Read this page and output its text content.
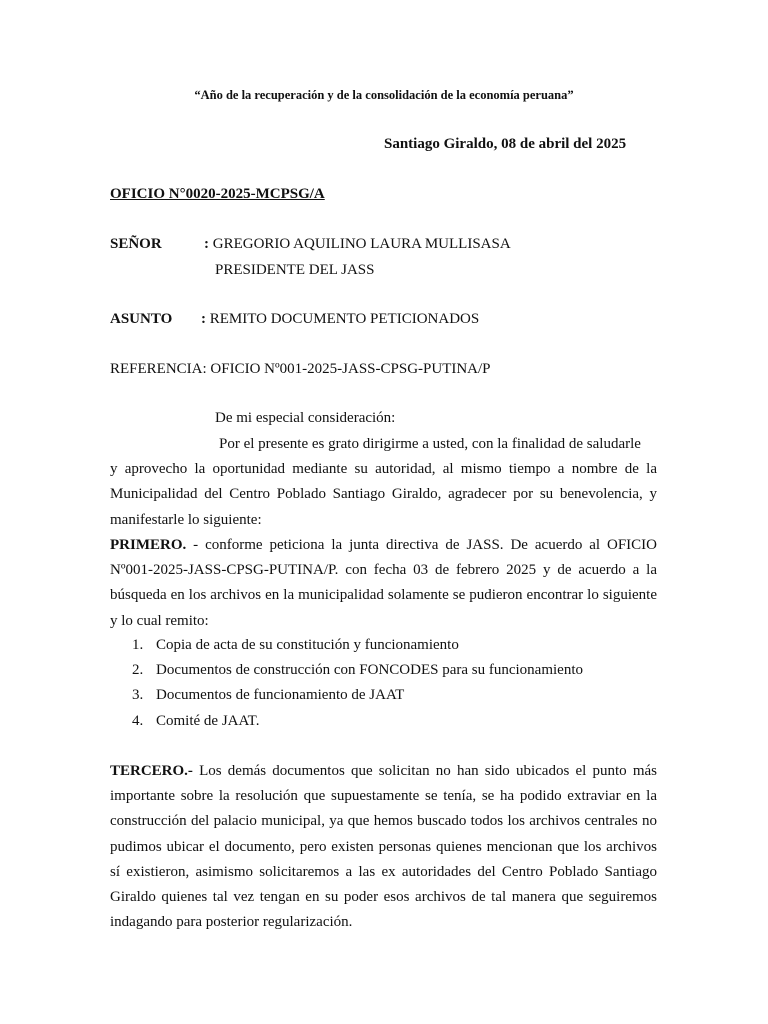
“Año de la recuperación y de la consolidación de la economía peruana”
Santiago Giraldo, 08 de abril del 2025
OFICIO N°0020-2025-MCPSG/A
SEÑOR	: GREGORIO AQUILINO LAURA MULLISASA
PRESIDENTE DEL JASS
ASUNTO : REMITO DOCUMENTO PETICIONADOS
REFERENCIA: OFICIO Nº001-2025-JASS-CPSG-PUTINA/P
De mi especial consideración:
Por el presente es grato dirigirme a usted, con la finalidad de saludarle
y aprovecho la oportunidad mediante su autoridad, al mismo tiempo a nombre de la Municipalidad del Centro Poblado Santiago Giraldo, agradecer por su benevolencia, y manifestarle lo siguiente:
PRIMERO. - conforme peticiona la junta directiva de JASS. De acuerdo al OFICIO Nº001-2025-JASS-CPSG-PUTINA/P. con fecha 03 de febrero 2025 y de acuerdo a la búsqueda en los archivos en la municipalidad solamente se pudieron encontrar lo siguiente y lo cual remito:
1. Copia de acta de su constitución y funcionamiento
2. Documentos de construcción con FONCODES para su funcionamiento
3. Documentos de funcionamiento de JAAT
4. Comité de JAAT.
TERCERO.- Los demás documentos que solicitan no han sido ubicados el punto más importante sobre la resolución que supuestamente se tenía, se ha podido extraviar en la construcción del palacio municipal, ya que hemos buscado todos los archivos centrales no pudimos ubicar el documento, pero existen personas quienes mencionan que los archivos sí existieron, asimismo solicitaremos a las ex autoridades del Centro Poblado Santiago Giraldo quienes tal vez tengan en su poder esos archivos de tal manera que seguiremos indagando para posterior regularización.
